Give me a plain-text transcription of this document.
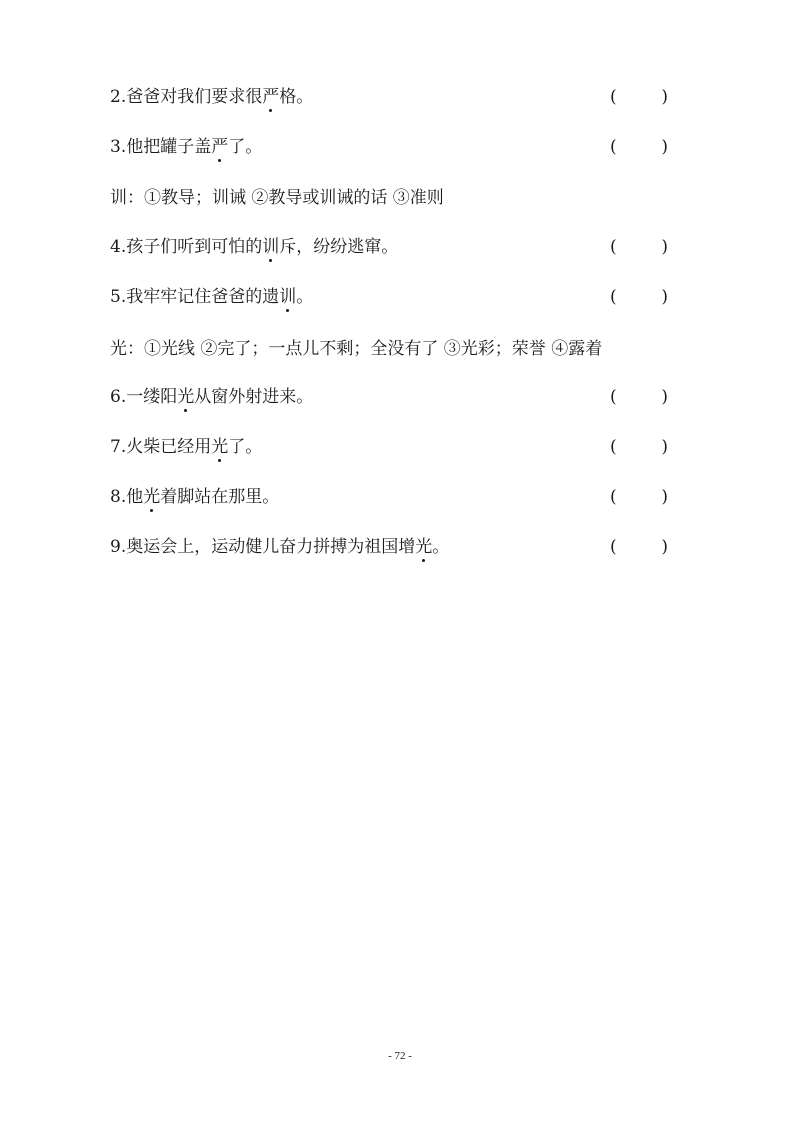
2.爸爸对我们要求很严格。	(	)
3.他把罐子盖严了。	(	)
训：①教导；训诫 ②教导或训诫的话 ③准则
4.孩子们听到可怕的训斥，纷纷逃窜。	(	)
5.我牢牢记住爸爸的遗训。	(	)
光：①光线 ②完了；一点儿不剩；全没有了 ③光彩；荣誉 ④露着
6.一缕阳光从窗外射进来。	(	)
7.火柴已经用光了。	(	)
8.他光着脚站在那里。	(	)
9.奥运会上，运动健儿奋力拼搏为祖国增光。	(	)
- 72 -
